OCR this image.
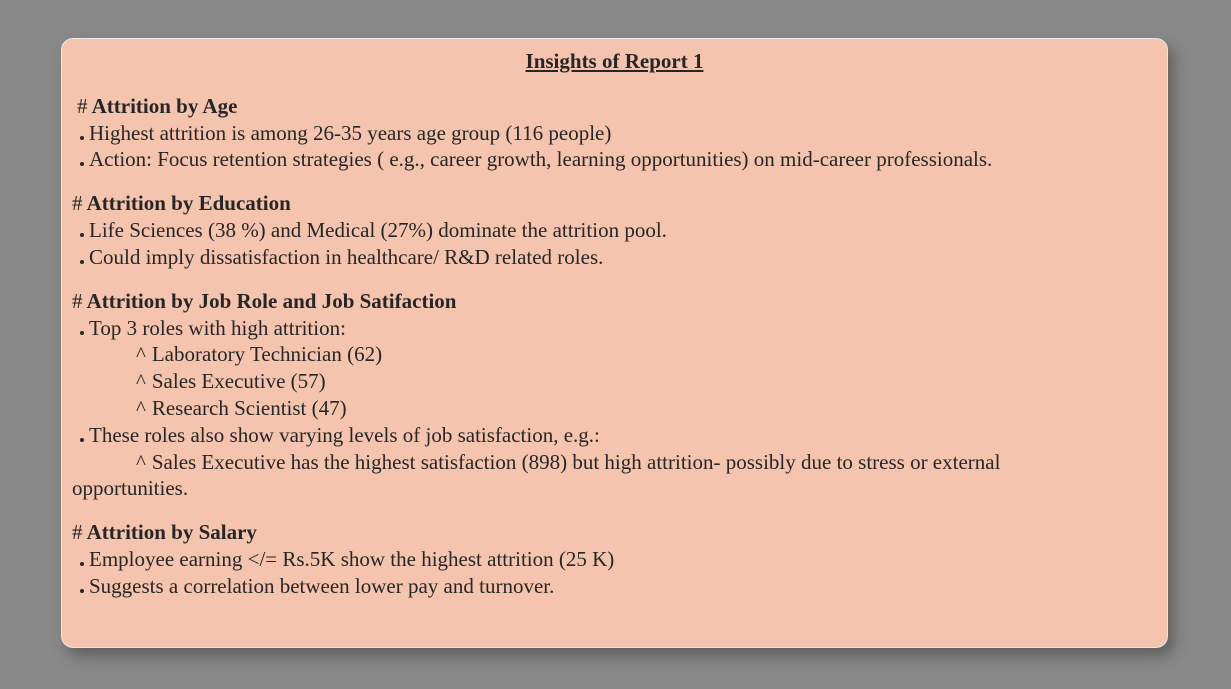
Insights of Report 1
# Attrition by Age
Highest attrition is among 26-35 years age group (116 people)
Action: Focus retention strategies ( e.g., career growth, learning opportunities) on mid-career professionals.
# Attrition by Education
Life Sciences (38 %) and Medical (27%) dominate the attrition pool.
Could imply dissatisfaction in healthcare/ R&D related roles.
# Attrition by Job Role and Job Satifaction
Top 3 roles with high attrition:
^ Laboratory Technician (62)
^ Sales Executive (57)
^ Research Scientist (47)
These roles also show varying levels of job satisfaction, e.g.:
^ Sales Executive has the highest satisfaction (898) but high attrition- possibly due to stress or external
opportunities.
# Attrition by Salary
Employee earning </= Rs.5K show the highest attrition (25 K)
Suggests a correlation between lower pay and turnover.
